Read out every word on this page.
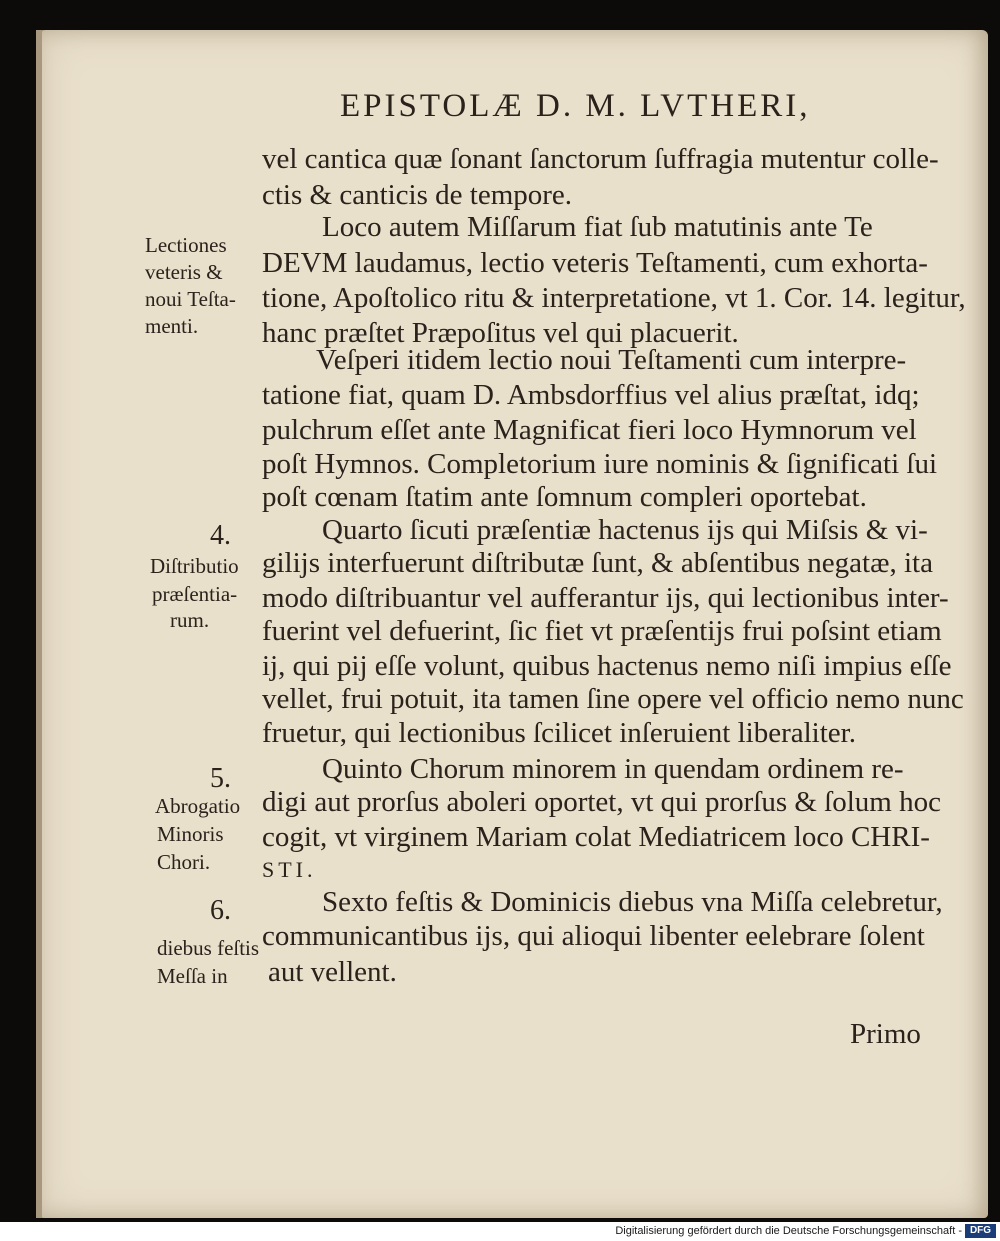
EPISTOLÆ D. M. LVTHERI,
vel cantica quæ ſonant ſanctorum ſuffragia mutentur colle-
ctis & canticis de tempore.
Loco autem Miſſarum fiat ſub matutinis ante Te
DEVM laudamus, lectio veteris Teſtamenti, cum exhorta-
tione, Apoſtolico ritu & interpretatione, vt 1. Cor. 14. legitur,
hanc præſtet Præpoſitus vel qui placuerit.
Veſperi itidem lectio noui Teſtamenti cum interpre-
tatione fiat, quam D. Ambsdorffius vel alius præſtat, idq;
pulchrum eſſet ante Magnificat fieri loco Hymnorum vel
poſt Hymnos. Completorium iure nominis & ſignificati ſui
poſt cœnam ſtatim ante ſomnum compleri oportebat.
Quarto ſicuti præſentiæ hactenus ijs qui Miſsis & vi-
gilijs interfuerunt diſtributæ ſunt, & abſentibus negatæ, ita
modo diſtribuantur vel aufferantur ijs, qui lectionibus inter-
fuerint vel defuerint, ſic fiet vt præſentijs frui poſsint etiam
ij, qui pij eſſe volunt, quibus hactenus nemo niſi impius eſſe
vellet, frui potuit, ita tamen ſine opere vel officio nemo nunc
fruetur, qui lectionibus ſcilicet inſeruient liberaliter.
Quinto Chorum minorem in quendam ordinem re-
digi aut prorſus aboleri oportet, vt qui prorſus & ſolum hoc
cogit, vt virginem Mariam colat Mediatricem loco CHRI-
STI.
Sexto feſtis & Dominicis diebus vna Miſſa celebretur,
communicantibus ijs, qui alioqui libenter eelebrare ſolent
aut vellent.
Lectiones
veteris &
noui Teſta-
menti.
4.
Diſtributio
præſentia-
rum.
5.
Abrogatio
Minoris
Chori.
6.
diebus feſtis
Meſſa in
Primo
Digitalisierung gefördert durch die Deutsche Forschungsgemeinschaft - DFG
